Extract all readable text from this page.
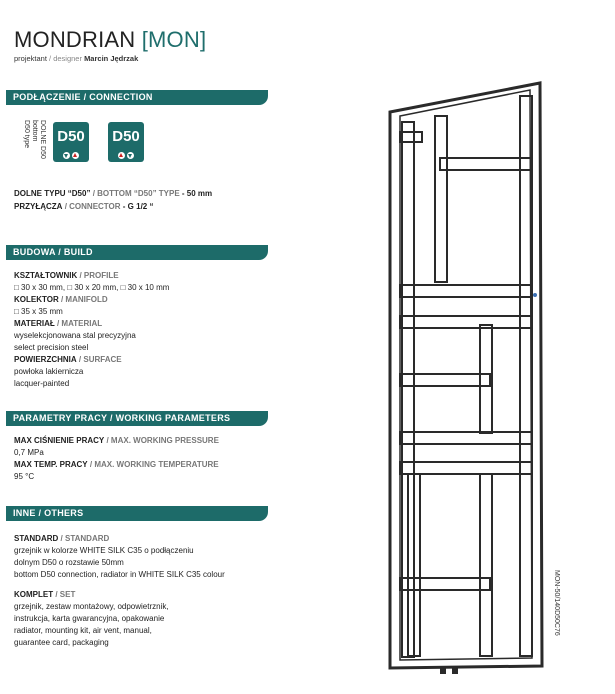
MONDRIAN [MON]
projektant / designer Marcin Jędrzak
PODŁĄCZENIE / CONNECTION
DOLNE D50
bottom
D50 type D50 D50
DOLNE TYPU “D50” / BOTTOM “D50” TYPE - 50 mm
PRZYŁĄCZA / CONNECTOR - G 1/2 “
BUDOWA / BUILD
KSZTAŁTOWNIK / PROFILE
□ 30 x 30 mm, □ 30 x 20 mm, □ 30 x 10 mm
KOLEKTOR / MANIFOLD
□ 35 x 35 mm
MATERIAŁ / MATERIAL
wyselekcjonowana stal precyzyjna
select precision steel
POWIERZCHNIA / SURFACE
powłoka lakiernicza
lacquer-painted
PARAMETRY PRACY / WORKING PARAMETERS
MAX CIŚNIENIE PRACY / MAX. WORKING PRESSURE
0,7 MPa
MAX TEMP. PRACY / MAX. WORKING TEMPERATURE
95 °C
INNE / OTHERS
STANDARD / STANDARD
grzejnik w kolorze WHITE SILK C35 o podłączeniu
dolnym D50 o rozstawie 50mm
bottom D50 connection, radiator in WHITE SILK C35 colour
KOMPLET / SET
grzejnik, zestaw montażowy, odpowietrznik,
instrukcja, karta gwarancyjna, opakowanie
radiator, mounting kit, air vent, manual,
guarantee card, packaging
MON-50/140D50C76
